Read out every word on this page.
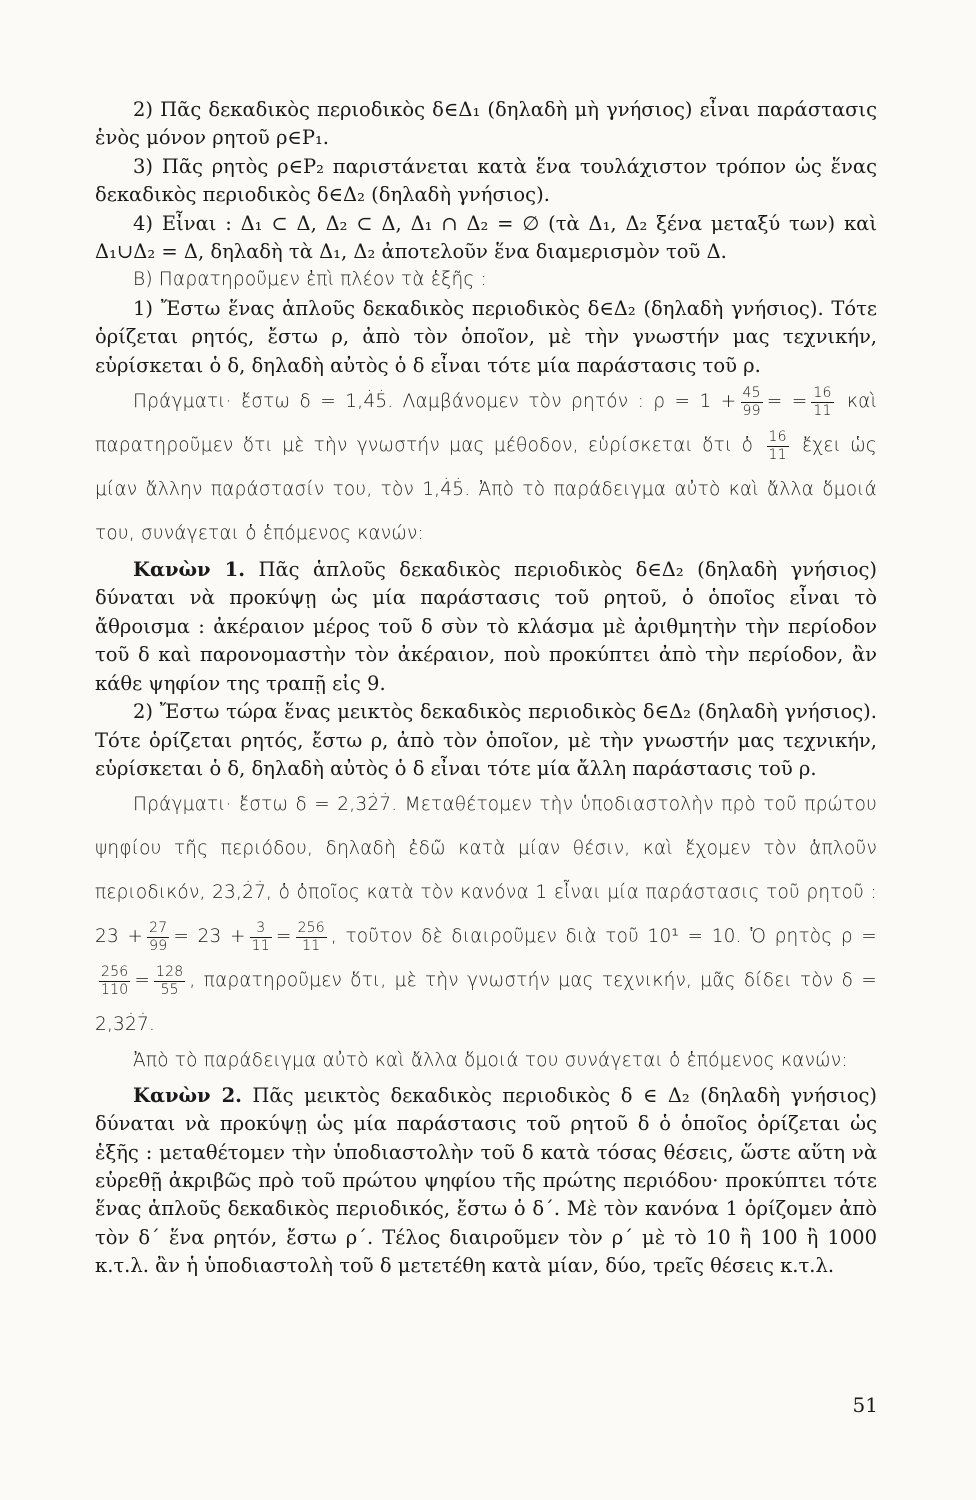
2) Πᾶς δεκαδικὸς περιοδικὸς δ∈Δ₁ (δηλαδὴ μὴ γνήσιος) εἶναι παράστασις ἑνὸς μόνον ρητοῦ ρ∈P₁.

3) Πᾶς ρητὸς ρ∈P₂ παριστάνεται κατὰ ἕνα τουλάχιστον τρόπον ὡς ἕνας δεκαδικὸς περιοδικὸς δ∈Δ₂ (δηλαδὴ γνήσιος).

4) Εἶναι : Δ₁ ⊂ Δ, Δ₂ ⊂ Δ, Δ₁ ∩ Δ₂ = ∅ (τὰ Δ₁, Δ₂ ξένα μεταξύ των) καὶ Δ₁∪Δ₂ = Δ, δηλαδὴ τὰ Δ₁, Δ₂ ἀποτελοῦν ἕνα διαμερισμὸν τοῦ Δ.

B) Παρατηροῦμεν ἐπὶ πλέον τὰ ἑξῆς :

1) Ἔστω ἕνας ἁπλοῦς δεκαδικὸς περιοδικὸς δ∈Δ₂ (δηλαδὴ γνήσιος). Τότε ὁρίζεται ρητός, ἔστω ρ, ἀπὸ τὸν ὁποῖον, μὲ τὴν γνωστήν μας τεχνικήν, εὑρίσκεται ὁ δ, δηλαδὴ αὐτὸς ὁ δ εἶναι τότε μία παράστασις τοῦ ρ.

Πράγματι· ἔστω δ = 1,4̇5̇. Λαμβάνομεν τὸν ρητόν : $\rho = 1 + \frac{45}{99}$ = = $\frac{16}{11}$ καὶ παρατηροῦμεν ὅτι μὲ τὴν γνωστήν μας μέθοδον, εὑρίσκεται ὅτι ὁ $\frac{16}{11}$ ἔχει ὡς μίαν ἄλλην παράστασίν του, τὸν 1,4̇5̇. Ἀπὸ τὸ παράδειγμα αὐτὸ καὶ ἄλλα ὅμοιά του, συνάγεται ὁ ἑπόμενος κανών:

Κανὼν 1. Πᾶς ἁπλοῦς δεκαδικὸς περιοδικὸς δ∈Δ₂ (δηλαδὴ γνήσιος) δύναται νὰ προκύψῃ ὡς μία παράστασις τοῦ ρητοῦ, ὁ ὁποῖος εἶναι τὸ ἄθροισμα : ἀκέραιον μέρος τοῦ δ σὺν τὸ κλάσμα μὲ ἀριθμητὴν τὴν περίοδον τοῦ δ καὶ παρονομαστὴν τὸν ἀκέραιον, ποὺ προκύπτει ἀπὸ τὴν περίοδον, ἂν κάθε ψηφίον της τραπῇ εἰς 9.

2) Ἔστω τώρα ἕνας μεικτὸς δεκαδικὸς περιοδικὸς δ∈Δ₂ (δηλαδὴ γνήσιος). Τότε ὁρίζεται ρητός, ἔστω ρ, ἀπὸ τὸν ὁποῖον, μὲ τὴν γνωστήν μας τεχνικήν, εὑρίσκεται ὁ δ, δηλαδὴ αὐτὸς ὁ δ εἶναι τότε μία ἄλλη παράστασις τοῦ ρ.

Πράγματι· ἔστω δ = 2,32̇7̇. Μεταθέτομεν τὴν ὑποδιαστολὴν πρὸ τοῦ πρώτου ψηφίου τῆς περιόδου, δηλαδὴ ἐδῶ κατὰ μίαν θέσιν, καὶ ἔχομεν τὸν ἁπλοῦν περιοδικόν, 23,2̇7̇, ὁ ὁποῖος κατὰ τὸν κανόνα 1 εἶναι μία παράστασις τοῦ ρητοῦ : $23 + \frac{27}{99} = 23 + \frac{3}{11} = \frac{256}{11}$ , τοῦτον δὲ διαιροῦμεν διὰ τοῦ 10¹ = 10. Ὁ ρητὸς ρ =
$\frac{256}{110} = \frac{128}{55}$ , παρατηροῦμεν ὅτι, μὲ τὴν γνωστήν μας τεχνικήν, μᾶς δίδει τὸν δ = 2,32̇7̇.

Ἀπὸ τὸ παράδειγμα αὐτὸ καὶ ἄλλα ὅμοιά του συνάγεται ὁ ἑπόμενος κανών:

Κανὼν 2. Πᾶς μεικτὸς δεκαδικὸς περιοδικὸς δ ∈ Δ₂ (δηλαδὴ γνήσιος) δύναται νὰ προκύψῃ ὡς μία παράστασις τοῦ ρητοῦ δ ὁ ὁποῖος ὁρίζεται ὡς ἑξῆς : μεταθέτομεν τὴν ὑποδιαστολὴν τοῦ δ κατὰ τόσας θέσεις, ὥστε αὕτη νὰ εὑρεθῇ ἀκριβῶς πρὸ τοῦ πρώτου ψηφίου τῆς πρώτης περιόδου· προκύπτει τότε ἕνας ἁπλοῦς δεκαδικὸς περιοδικός, ἔστω ὁ δ΄. Μὲ τὸν κανόνα 1 ὁρίζομεν ἀπὸ τὸν δ΄ ἕνα ρητόν, ἔστω ρ΄. Τέλος διαιροῦμεν τὸν ρ΄ μὲ τὸ 10 ἢ 100 ἢ 1000 κ.τ.λ. ἂν ἡ ὑποδιαστολὴ τοῦ δ μετετέθη κατὰ μίαν, δύο, τρεῖς θέσεις κ.τ.λ.

51
